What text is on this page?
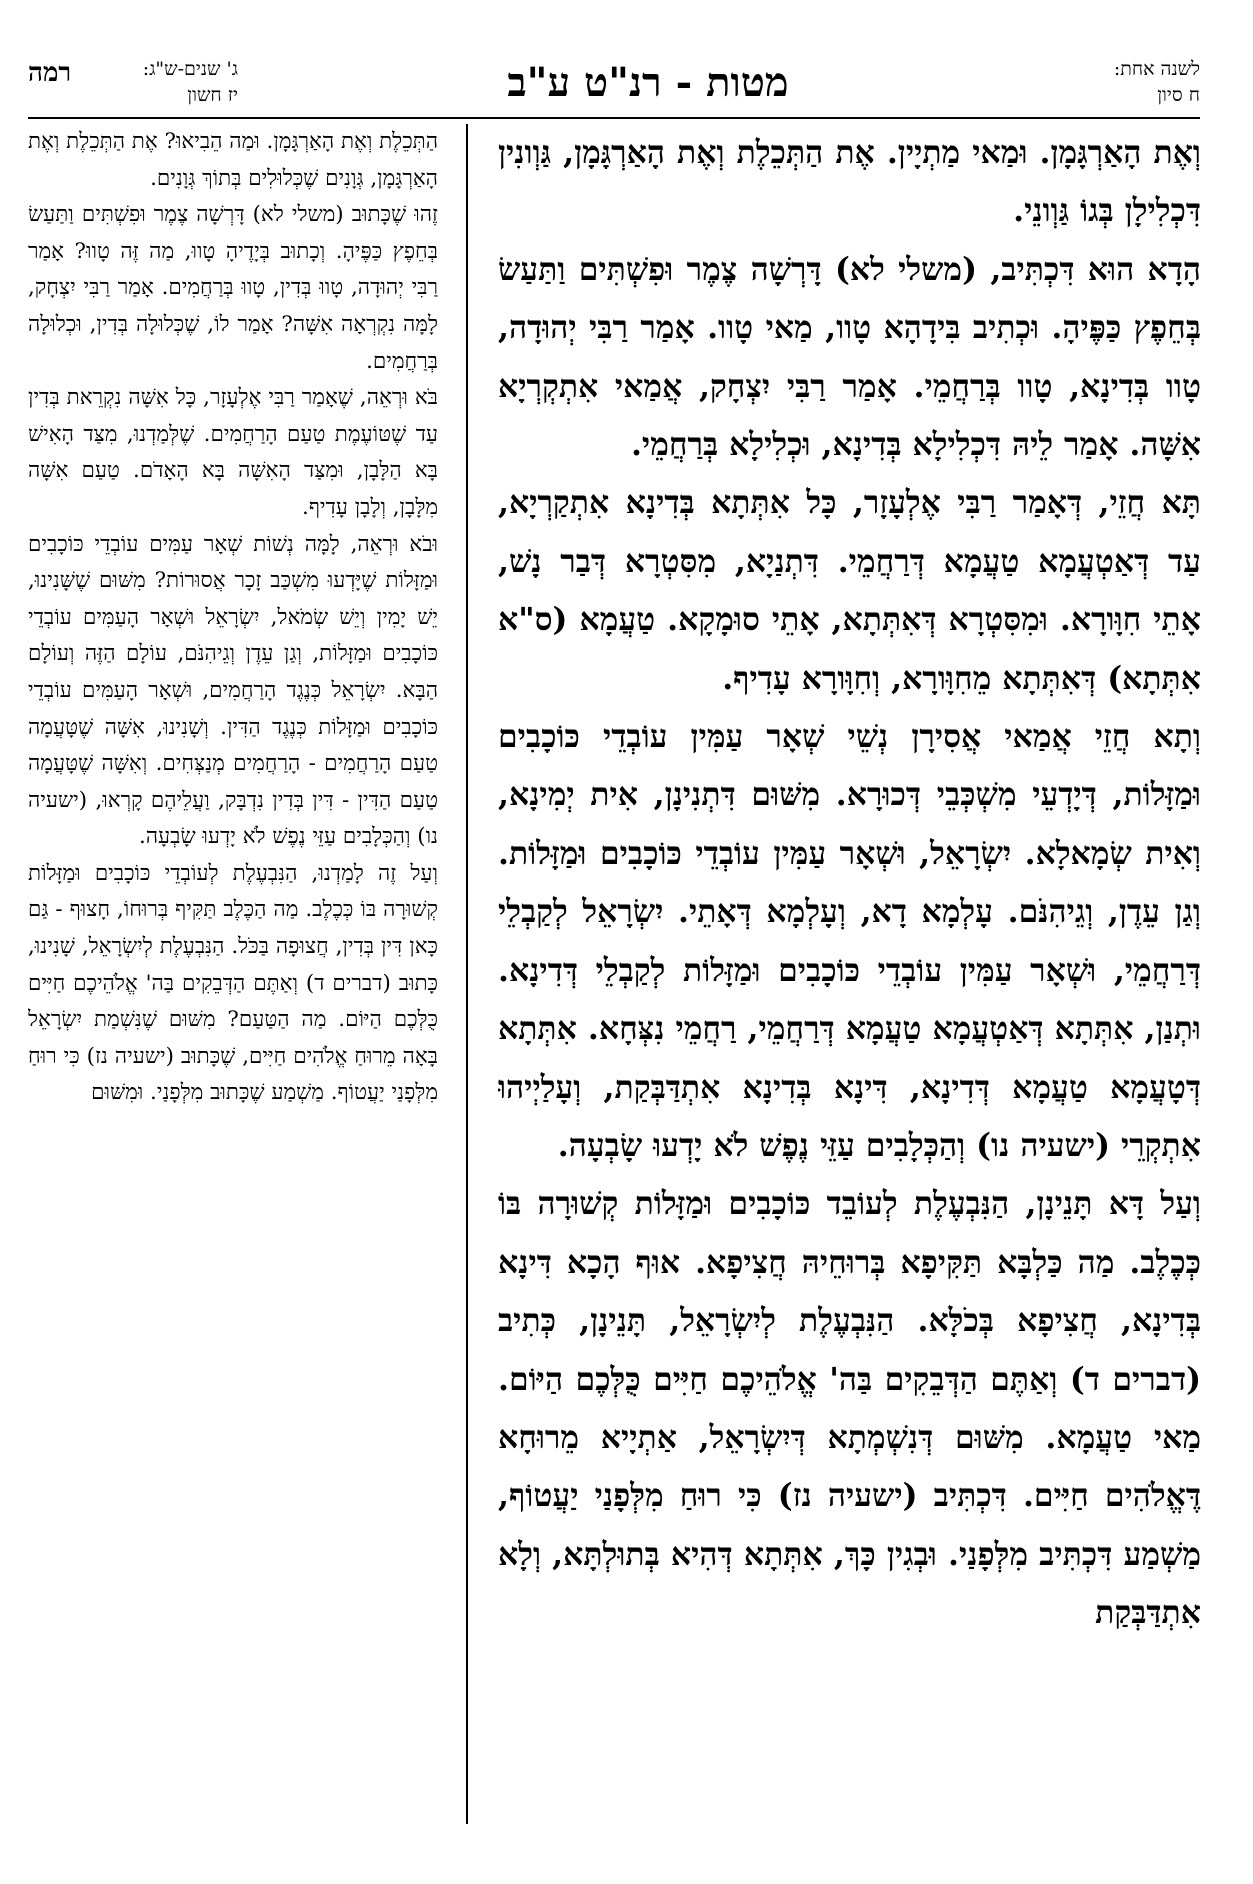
לשנה אחת:
ח סיון
מטות - רנ"ט ע"ב
רמה	ג' שנים-ש"ג:
יז חשון

וְאֶת הָאַרְגָּמָן. וּמַאי מַתְיָין. אֶת הַתְּכֵלֶת וְאֶת הָאַרְגָּמָן, גַּוְונִין דִּכְלִילָן בְּגוֹ גַּוְונֵי.

הָדָא הוּא דִּכְתִּיב, (משלי לא) דָּרְשָׁה צֶמֶר וּפִשְׁתִּים וַתַּעַשׂ בְּחֵפֶץ כַּפֶּיהָ. וּכְתִיב בִּידָהָא טָוו, מַאי טָוו. אָמַר רַבִּי יְהוּדָה, טָוו בְּדִינָא, טָוו בְּרַחֲמֵי. אָמַר רַבִּי יִצְחָק, אֲמַאי אִתְקְרְיָא אִשָּׁה. אָמַר לֵיהּ דִּכְלִילָא בְּדִינָא, וּכְלִילָא בְּרַחֲמֵי.

תָּא חֲזֵי, דְּאָמַר רַבִּי אֶלְעָזָר, כָּל אִתְּתָא בְּדִינָא אִתְקַרְיָא, עַד דְּאַטְעֲמָא טַעֲמָא דְּרַחֲמֵי. דִּתְנַיָא, מִסִּטְרָא דְּבַר נָשׁ, אָתֵי חִוָּורָא. וּמִסִּטְרָא דְּאִתְּתָא, אָתֵי סוּמָקָא. טַעֲמָא (ס"א אִתְּתָא) דְּאִתְּתָא מֵחִוָּורָא, וְחִוָּורָא עָדִיף.

וְתָא חֲזֵי אֲמַאי אֲסִירָן נְשֵׁי שְׁאָר עַמִּין עוֹבְדֵי כּוֹכָבִים וּמַזָּלוֹת, דְּיָדְעֵי מִשְׁכְּבֵי דְּכוּרָא. מִשּׁוּם דִּתְנִינָן, אִית יְמִינָא, וְאִית שְׂמָאלָא. יִשְׂרָאֵל, וּשְׁאָר עַמִּין עוֹבְדֵי כּוֹכָבִים וּמַזָּלוֹת. וְגַן עֵדֶן, וְגֵיהִנֹּם. עָלְמָא דָא, וְעָלְמָא דְּאָתֵי. יִשְׂרָאֵל לְקַבְלֵי דְּרַחֲמֵי, וּשְׁאָר עַמִּין עוֹבְדֵי כּוֹכָבִים וּמַזָּלוֹת לְקַבְלֵי דְּדִינָא. וּתְנַן, אִתְּתָא דְּאַטְעֲמָא טַעֲמָא דְּרַחֲמֵי, רַחֲמֵי נִצְּחָא. אִתְּתָא דְּטָעֲמָא טַעֲמָא דְּדִינָא, דִּינָא בְּדִינָא אִתְדַּבְּקַת, וְעָלַיְיהוּ אִתְקְרֵי (ישעיה נו) וְהַכְּלָבִים עַזֵּי נֶפֶשׁ לֹא יָדְעוּ שָׂבְעָה.

וְעַל דָּא תָּנֵינָן, הַנִּבְעֶלֶת לְעוֹבֵד כּוֹכָבִים וּמַזָּלוֹת קְשׁוּרָה בּוֹ כְּכֶלֶב. מַה כַּלְבָּא תַּקִּיפָא בְּרוּחֵיהּ חֲצִיפָא. אוּף הָכָא דִּינָא בְּדִינָא, חֲצִיפָא בְּכֹלָּא. הַנִּבְעֶלֶת לְיִשְׂרָאֵל, תָּנֵינָן, כְּתִיב (דברים ד) וְאַתֶּם הַדְּבֵקִים בַּה' אֱלֹהֵיכֶם חַיִּים כֻּלְּכֶם הַיּוֹם. מַאי טַעֲמָא. מִשּׁוּם דְּנִשְׁמְתָא דְּיִשְׂרָאֵל, אַתְיָיא מֵרוּחָא דֶּאֱלֹהִים חַיִּים. דִּכְתִּיב (ישעיה נז) כִּי רוּחַ מִלְּפָנַי יַעֲטוֹף, מַשְׁמַע דִּכְתִּיב מִלְּפָנַי. וּבְגִין כָּךְ, אִתְּתָא דְּהִיא בְּתוּלְתָּא, וְלָא אִתְדַּבְּקַת

הַתְּכֵלֶת וְאֶת הָאַרְגָּמָן. וּמַה הֵבִיאוּ? אֶת הַתְּכֵלֶת וְאֶת הָאַרְגָּמָן, גְּוָנִים שֶׁכְּלוּלִים בְּתוֹךְ גְּוָנִים.

זֶהוּ שֶׁכָּתוּב (משלי לא) דָּרְשָׁה צֶמֶר וּפִשְׁתִּים וַתַּעַשׂ בְּחֵפֶץ כַּפֶּיהָ. וְכָתוּב בְּיָדֶיהָ טָווּ, מַה זֶּה טָווּ? אָמַר רַבִּי יְהוּדָה, טָווּ בְּדִין, טָווּ בְּרַחֲמִים. אָמַר רַבִּי יִצְחָק, לָמָּה נִקְרְאָה אִשָּׁה? אָמַר לוֹ, שֶׁכְּלוּלָה בְּדִין, וּכְלוּלָה בְּרַחֲמִים.

בֹּא וּרְאֵה, שֶׁאָמַר רַבִּי אֶלְעָזָר, כָּל אִשָּׁה נִקְרֵאת בְּדִין עַד שֶׁטּוֹעֶמֶת טַעַם הָרַחֲמִים. שֶׁלְּמַדְנוּ, מִצַּד הָאִישׁ בָּא הַלָּבָן, וּמִצַּד הָאִשָּׁה בָּא הָאָדֹם. טַעַם אִשָּׁה מִלָּבָן, וְלָבָן עָדִיף.

וּבֹא וּרְאֵה, לָמָּה נְשׁוֹת שְׁאָר עַמִּים עוֹבְדֵי כּוֹכָבִים וּמַזָּלוֹת שֶׁיָּדְעוּ מִשְׁכַּב זָכָר אֲסוּרוֹת? מִשּׁוּם שֶׁשָּׁנִינוּ, יֵשׁ יָמִין וְיֵשׁ שְׂמֹאל, יִשְׂרָאֵל וּשְׁאָר הָעַמִּים עוֹבְדֵי כּוֹכָבִים וּמַזָּלוֹת, וְגַן עֵדֶן וְגֵיהִנֹּם, עוֹלָם הַזֶּה וְעוֹלָם הַבָּא. יִשְׂרָאֵל כְּנֶגֶד הָרַחֲמִים, וּשְׁאָר הָעַמִּים עוֹבְדֵי כּוֹכָבִים וּמַזָּלוֹת כְּנֶגֶד הַדִּין. וְשָׁנִינוּ, אִשָּׁה שֶׁטָּעֲמָה טַעַם הָרַחֲמִים - הָרַחֲמִים מְנַצְּחִים. וְאִשָּׁה שֶׁטָּעֲמָה טַעַם הַדִּין - דִּין בְּדִין נִדְבָּק, וַעֲלֵיהֶם קָרְאוּ, (ישעיה נו) וְהַכְּלָבִים עַזֵּי נֶפֶשׁ לֹא יָדְעוּ שָׂבְעָה.

וְעַל זֶה לָמַדְנוּ, הַנִּבְעֶלֶת לְעוֹבְדֵי כּוֹכָבִים וּמַזָּלוֹת קְשׁוּרָה בּוֹ כְּכֶלֶב. מַה הַכֶּלֶב תַּקִּיף בְּרוּחוֹ, חָצוּף - גַּם כָּאן דִּין בְּדִין, חֲצוּפָה בַּכֹּל. הַנִּבְעֶלֶת לְיִשְׂרָאֵל, שָׁנִינוּ, כָּתוּב (דברים ד) וְאַתֶּם הַדְּבֵקִים בַּה' אֱלֹהֵיכֶם חַיִּים כֻּלְּכֶם הַיּוֹם. מַה הַטַּעַם? מִשּׁוּם שֶׁנִּשְׁמַת יִשְׂרָאֵל בָּאָה מֵרוּחַ אֱלֹהִים חַיִּים, שֶׁכָּתוּב (ישעיה נז) כִּי רוּחַ מִלְּפָנַי יַעֲטוֹף. מַשְׁמַע שֶׁכָּתוּב מִלְּפָנַי. וּמִשּׁוּם
